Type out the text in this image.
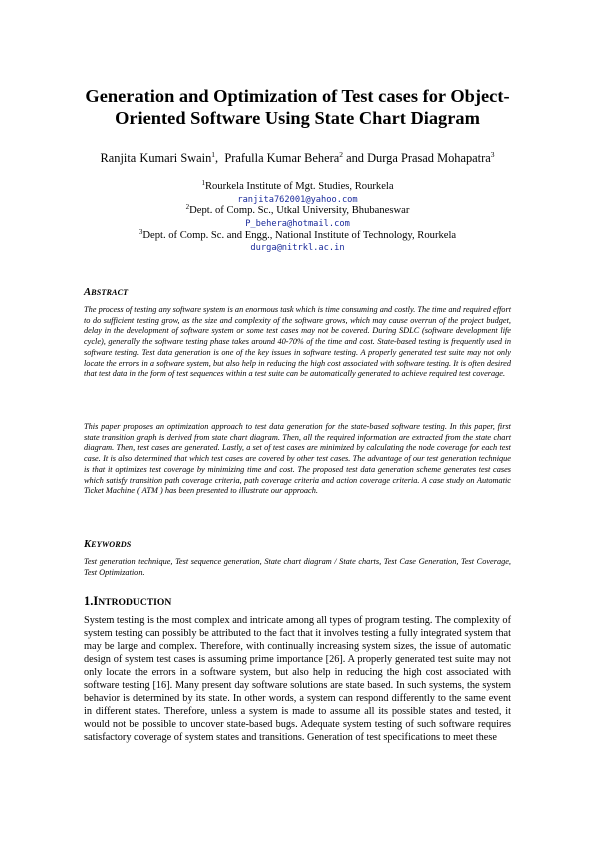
Generation and Optimization of Test cases for Object-Oriented Software Using State Chart Diagram
Ranjita Kumari Swain$^1$,  Prafulla Kumar Behera$^2$ and Durga Prasad Mohapatra$^3$
$^1$Rourkela Institute of Mgt. Studies, Rourkela
ranjita762001@yahoo.com
$^2$Dept. of Comp. Sc., Utkal University, Bhubaneswar
P_behera@hotmail.com
$^3$Dept. of Comp. Sc. and Engg., National Institute of Technology, Rourkela
durga@nitrkl.ac.in
ABSTRACT

The process of testing any software system is an enormous task which is time consuming and costly. The time and required effort to do sufficient testing grow, as the size and complexity of the software grows, which may cause overrun of the project budget, delay in the development of software system or some test cases may not be covered. During SDLC (software development life cycle), generally the software testing phase takes around 40-70% of the time and cost. State-based testing is frequently used in software testing. Test data generation is one of the key issues in software testing. A properly generated test suite may not only locate the errors in a software system, but also help in reducing the high cost associated with software testing. It is often desired that test data in the form of test sequences within a test suite can be automatically generated to achieve required test coverage.

This paper proposes an optimization approach to test data generation for the state-based software testing. In this paper, first state transition graph is derived from state chart diagram. Then, all the required information are extracted from the state chart diagram. Then, test cases are generated. Lastly, a set of test cases are minimized by calculating the node coverage for each test case. It is also determined that which test cases are covered by other test cases. The advantage of our test generation technique is that it optimizes test coverage by minimizing time and cost. The proposed test data generation scheme generates test cases which satisfy transition path coverage criteria, path coverage criteria and action coverage criteria. A case study on Automatic Ticket Machine ( ATM ) has been presented to illustrate our approach.

KEYWORDS

Test generation technique, Test sequence generation, State chart diagram / State charts, Test Case Generation, Test Coverage, Test Optimization.

1.INTRODUCTION

System testing is the most complex and intricate among all types of program testing. The complexity of system testing can possibly be attributed to the fact that it involves testing a fully integrated system that may be large and complex. Therefore, with continually increasing system sizes, the issue of automatic design of system test cases is assuming prime importance [26]. A properly generated test suite may not only locate the errors in a software system, but also help in reducing the high cost associated with software testing [16]. Many present day software solutions are state based. In such systems, the system behavior is determined by its state. In other words, a system can respond differently to the same event in different states. Therefore, unless a system is made to assume all its possible states and tested, it would not be possible to uncover state-based bugs. Adequate system testing of such software requires satisfactory coverage of system states and transitions. Generation of test specifications to meet these
